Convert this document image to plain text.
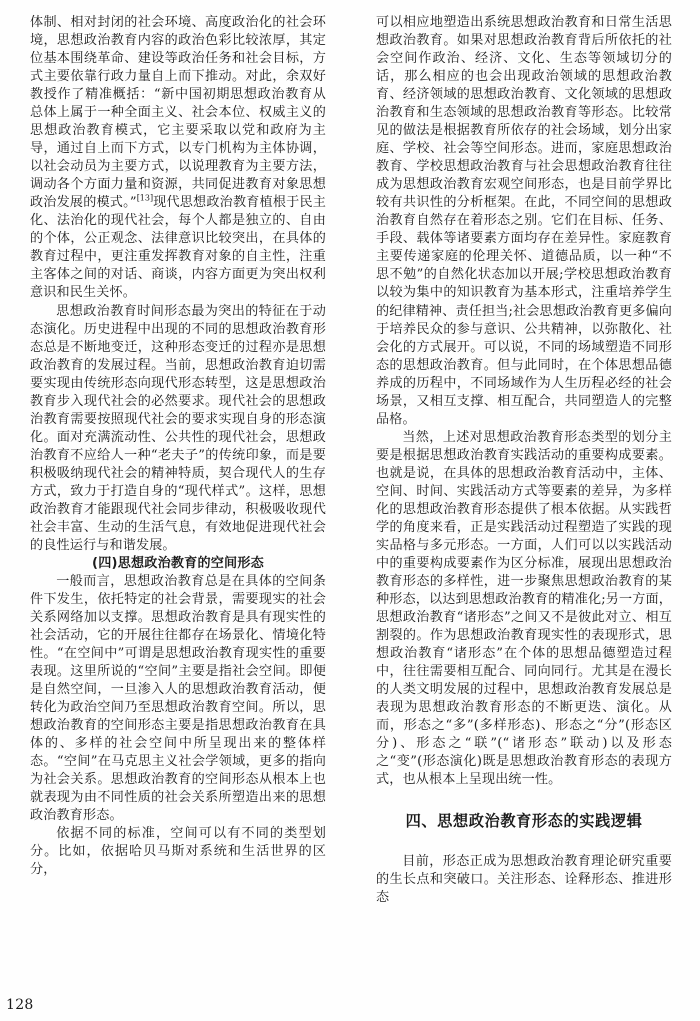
体制、相对封闭的社会环境、高度政治化的社会环境，思想政治教育内容的政治色彩比较浓厚，其定位基本围绕革命、建设等政治任务和社会目标，方式主要依靠行政力量自上而下推动。对此，余双好教授作了精准概括：“新中国初期思想政治教育从总体上属于一种全面主义、社会本位、权威主义的思想政治教育模式，它主要采取以党和政府为主导，通过自上而下方式，以专门机构为主体协调，以社会动员为主要方式，以说理教育为主要方法，调动各个方面力量和资源，共同促进教育对象思想政治发展的模式。”[13]现代思想政治教育植根于民主化、法治化的现代社会，每个人都是独立的、自由的个体，公正观念、法律意识比较突出，在具体的教育过程中，更注重发挥教育对象的自主性，注重主客体之间的对话、商谈，内容方面更为突出权利意识和民生关怀。

思想政治教育时间形态最为突出的特征在于动态演化。历史进程中出现的不同的思想政治教育形态总是不断地变迁，这种形态变迁的过程亦是思想政治教育的发展过程。当前，思想政治教育迫切需要实现由传统形态向现代形态转型，这是思想政治教育步入现代社会的必然要求。现代社会的思想政治教育需要按照现代社会的要求实现自身的形态演化。面对充满流动性、公共性的现代社会，思想政治教育不应给人一种“老夫子”的传统印象，而是要积极吸纳现代社会的精神特质，契合现代人的生存方式，致力于打造自身的“现代样式”。这样，思想政治教育才能跟现代社会同步律动，积极吸收现代社会丰富、生动的生活气息，有效地促进现代社会的良性运行与和谐发展。

(四)思想政治教育的空间形态

一般而言，思想政治教育总是在具体的空间条件下发生，依托特定的社会背景，需要现实的社会关系网络加以支撑。思想政治教育是具有现实性的社会活动，它的开展往往都存在场景化、情境化特性。“在空间中”可谓是思想政治教育现实性的重要表现。这里所说的“空间”主要是指社会空间。即便是自然空间，一旦渗入人的思想政治教育活动，便转化为政治空间乃至思想政治教育空间。所以，思想政治教育的空间形态主要是指思想政治教育在具体的、多样的社会空间中所呈现出来的整体样态。“空间”在马克思主义社会学领域，更多的指向为社会关系。思想政治教育的空间形态从根本上也就表现为由不同性质的社会关系所塑造出来的思想政治教育形态。

依据不同的标准，空间可以有不同的类型划分。比如，依据哈贝马斯对系统和生活世界的区分，

可以相应地塑造出系统思想政治教育和日常生活思想政治教育。如果对思想政治教育背后所依托的社会空间作政治、经济、文化、生态等领域切分的话，那么相应的也会出现政治领域的思想政治教育、经济领域的思想政治教育、文化领域的思想政治教育和生态领域的思想政治教育等形态。比较常见的做法是根据教育所依存的社会场域，划分出家庭、学校、社会等空间形态。进而，家庭思想政治教育、学校思想政治教育与社会思想政治教育往往成为思想政治教育宏观空间形态，也是目前学界比较有共识性的分析框架。在此，不同空间的思想政治教育自然存在着形态之别。它们在目标、任务、手段、载体等诸要素方面均存在差异性。家庭教育主要传递家庭的伦理关怀、道德品质，以一种“不思不勉”的自然化状态加以开展;学校思想政治教育以较为集中的知识教育为基本形式，注重培养学生的纪律精神、责任担当;社会思想政治教育更多偏向于培养民众的参与意识、公共精神，以弥散化、社会化的方式展开。可以说，不同的场域塑造不同形态的思想政治教育。但与此同时，在个体思想品德养成的历程中，不同场域作为人生历程必经的社会场景，又相互支撑、相互配合，共同塑造人的完整品格。

当然，上述对思想政治教育形态类型的划分主要是根据思想政治教育实践活动的重要构成要素。也就是说，在具体的思想政治教育活动中，主体、空间、时间、实践活动方式等要素的差异，为多样化的思想政治教育形态提供了根本依据。从实践哲学的角度来看，正是实践活动过程塑造了实践的现实品格与多元形态。一方面，人们可以以实践活动中的重要构成要素作为区分标准，展现出思想政治教育形态的多样性，进一步聚焦思想政治教育的某种形态，以达到思想政治教育的精准化;另一方面，思想政治教育“诸形态”之间又不是彼此对立、相互割裂的。作为思想政治教育现实性的表现形式，思想政治教育“诸形态”在个体的思想品德塑造过程中，往往需要相互配合、同向同行。尤其是在漫长的人类文明发展的过程中，思想政治教育发展总是表现为思想政治教育形态的不断更迭、演化。从而，形态之“多”(多样形态)、形态之“分”(形态区分)、形态之“联”(“诸形态”联动)以及形态之“变”(形态演化)既是思想政治教育形态的表现方式，也从根本上呈现出统一性。

四、思想政治教育形态的实践逻辑

目前，形态正成为思想政治教育理论研究重要的生长点和突破口。关注形态、诠释形态、推进形态

128
